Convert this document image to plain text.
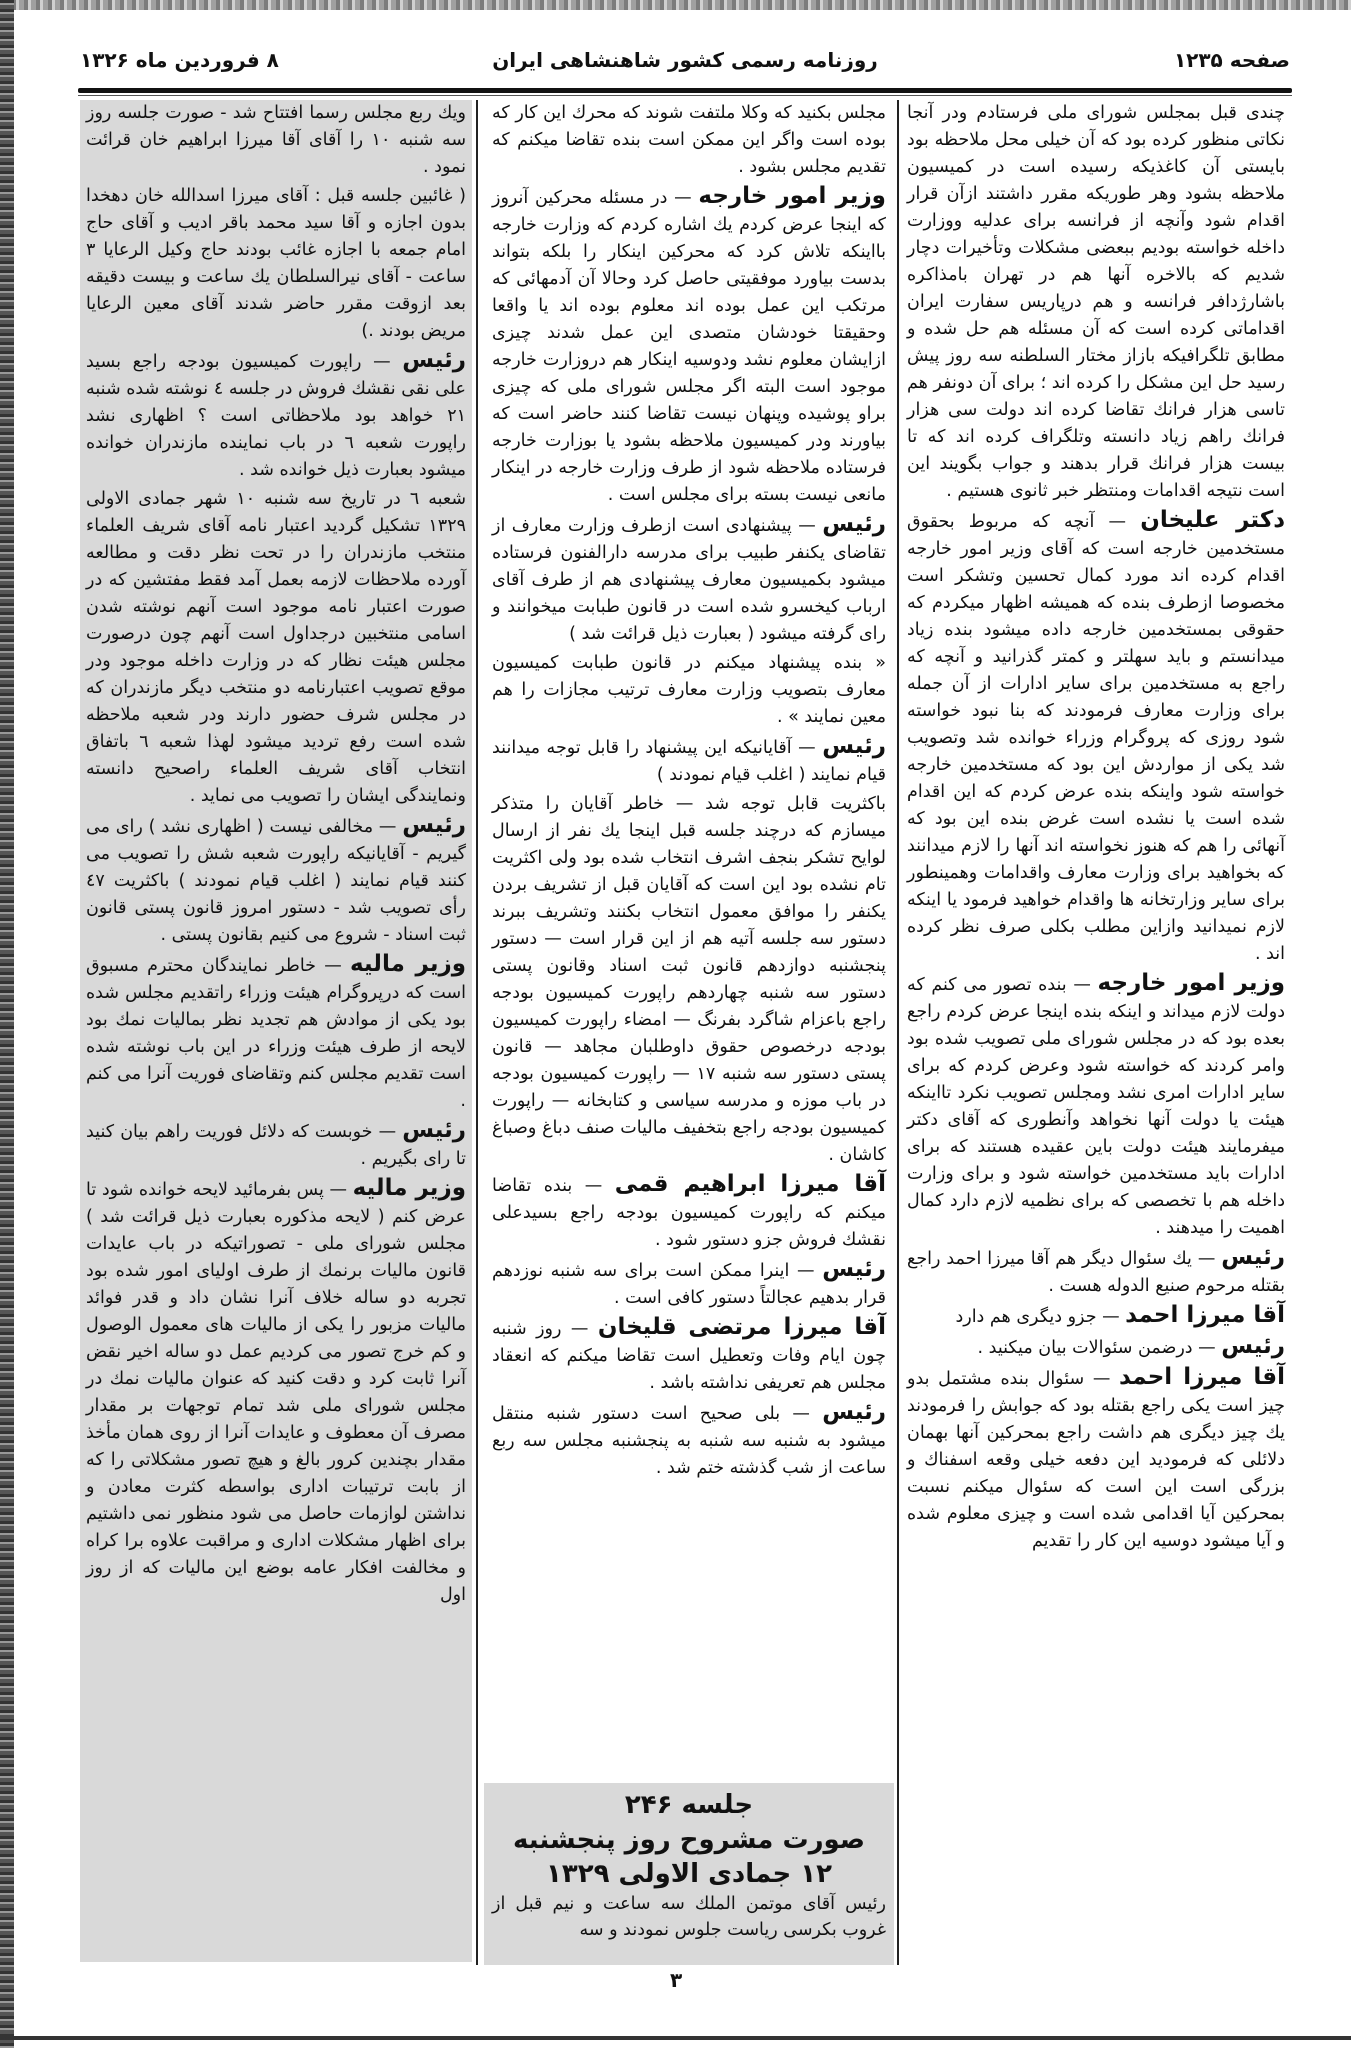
صفحه ۱۲۳۵
روزنامه رسمی کشور شاهنشاهی ایران
۸ فروردین ماه ۱۳۲۶

چندی قبل بمجلس شورای ملی فرستادم ودر آنجا نکاتی منظور کرده بود که آن خیلی محل ملاحظه بود بایستی آن کاغذیکه رسیده است در کمیسیون ملاحظه بشود وهر طوریکه مقرر داشتند ازآن قرار اقدام شود وآنچه از فرانسه برای عدلیه ووزارت داخله خواسته بودیم ببعضی مشکلات وتأخیرات دچار شدیم که بالاخره آنها هم در تهران بامذاکره باشارژدافر فرانسه و هم درپاریس سفارت ایران اقداماتی کرده است که آن مسئله هم حل شده و مطابق تلگرافیکه بازاز مختار السلطنه سه روز پیش رسید حل این مشکل را کرده اند ؛ برای آن دونفر هم تاسی هزار فرانك تقاضا کرده اند دولت سی هزار فرانك راهم زیاد دانسته وتلگراف کرده اند که تا بیست هزار فرانك قرار بدهند و جواب بگویند این است نتیجه اقدامات ومنتظر خبر ثانوی هستیم .

دکتر علیخان — آنچه که مربوط بحقوق مستخدمین خارجه است که آقای وزیر امور خارجه اقدام کرده اند مورد کمال تحسین وتشکر است مخصوصا ازطرف بنده که همیشه اظهار میکردم که حقوقی بمستخدمین خارجه داده میشود بنده زیاد میدانستم و باید سهلتر و کمتر گذرانید و آنچه که راجع به مستخدمین برای سایر ادارات از آن جمله برای وزارت معارف فرمودند که بنا نبود خواسته شود روزی که پروگرام وزراء خوانده شد وتصویب شد یکی از مواردش این بود که مستخدمین خارجه خواسته شود واینکه بنده عرض کردم که این اقدام شده است یا نشده است غرض بنده این بود که آنهائی را هم که هنوز نخواسته اند آنها را لازم میدانند که بخواهید برای وزارت معارف واقدامات وهمینطور برای سایر وزارتخانه ها واقدام خواهید فرمود یا اینکه لازم نمیدانید وازاین مطلب بکلی صرف نظر کرده اند .

وزیر امور خارجه — بنده تصور می کنم که دولت لازم میداند و اینکه بنده اینجا عرض کردم راجع بعده بود که در مجلس شورای ملی تصویب شده بود وامر کردند که خواسته شود وعرض کردم که برای سایر ادارات امری نشد ومجلس تصویب نکرد تااینکه هیئت یا دولت آنها نخواهد وآنطوری که آقای دکتر میفرمایند هیئت دولت باین عقیده هستند که برای ادارات باید مستخدمین خواسته شود و برای وزارت داخله هم با تخصصی که برای نظمیه لازم دارد کمال اهمیت را میدهند .

رئیس — یك سئوال دیگر هم آقا میرزا احمد راجع بقتله مرحوم صنیع الدوله هست .

آقا میرزا احمد — جزو دیگری هم دارد

رئیس — درضمن سئوالات بیان میکنید .

آقا میرزا احمد — سئوال بنده مشتمل بدو چیز است یکی راجع بقتله بود که جوابش را فرمودند یك چیز دیگری هم داشت راجع بمحرکین آنها بهمان دلائلی که فرمودید این دفعه خیلی وقعه اسفناك و بزرگی است این است که سئوال میکنم نسبت بمحرکین آیا اقدامی شده است و چیزی معلوم شده و آیا میشود دوسیه این کار را تقدیم

مجلس بکنید که وکلا ملتفت شوند که محرك این کار که بوده است واگر این ممکن است بنده تقاضا میکنم که تقدیم مجلس بشود .

وزیر امور خارجه — در مسئله محرکین آنروز که اینجا عرض کردم یك اشاره کردم که وزارت خارجه بااینکه تلاش کرد که محرکین اینکار را بلکه بتواند بدست بیاورد موفقیتی حاصل کرد وحالا آن آدمهائی که مرتکب این عمل بوده اند معلوم بوده اند یا واقعا وحقیقتا خودشان متصدی این عمل شدند چیزی ازایشان معلوم نشد ودوسیه اینکار هم دروزارت خارجه موجود است البته اگر مجلس شورای ملی که چیزی براو پوشیده وپنهان نیست تقاضا کنند حاضر است که بیاورند ودر کمیسیون ملاحظه بشود یا بوزارت خارجه فرستاده ملاحظه شود از طرف وزارت خارجه در اینکار مانعی نیست بسته برای مجلس است .

رئیس — پیشنهادی است ازطرف وزارت معارف از تقاضای یکنفر طبیب برای مدرسه دارالفنون فرستاده میشود بکمیسیون معارف پیشنهادی هم از طرف آقای ارباب کیخسرو شده است در قانون طبابت میخوانند و رای گرفته میشود ( بعبارت ذیل قرائت شد )

« بنده پیشنهاد میکنم در قانون طبابت کمیسیون معارف بتصویب وزارت معارف ترتیب مجازات را هم معین نمایند » .

رئیس — آقایانیکه این پیشنهاد را قابل توجه میدانند قیام نمایند ( اغلب قیام نمودند )

باکثریت قابل توجه شد — خاطر آقایان را متذکر میسازم که درچند جلسه قبل اینجا یك نفر از ارسال لوایح تشکر بنجف اشرف انتخاب شده بود ولی اکثریت تام نشده بود این است که آقایان قبل از تشریف بردن یکنفر را موافق معمول انتخاب بکنند وتشریف ببرند دستور سه جلسه آتیه هم از این قرار است — دستور پنجشنبه دوازدهم قانون ثبت اسناد وقانون پستی دستور سه شنبه چهاردهم راپورت کمیسیون بودجه راجع باعزام شاگرد بفرنگ — امضاء راپورت کمیسیون بودجه درخصوص حقوق داوطلبان مجاهد — قانون پستی دستور سه شنبه ۱۷ — راپورت کمیسیون بودجه در باب موزه و مدرسه سیاسی و کتابخانه — راپورت کمیسیون بودجه راجع بتخفیف مالیات صنف دباغ وصباغ کاشان .

آقا میرزا ابراهیم قمی — بنده تقاضا میکنم که راپورت کمیسیون بودجه راجع بسیدعلی نقشك فروش جزو دستور شود .

رئیس — اینرا ممکن است برای سه شنبه نوزدهم قرار بدهیم عجالتاً دستور کافی است .

آقا میرزا مرتضی قلیخان — روز شنبه چون ایام وفات وتعطیل است تقاضا میکنم که انعقاد مجلس هم تعریفی نداشته باشد .

رئیس — بلی صحیح است دستور شنبه منتقل میشود به شنبه سه شنبه به پنجشنبه مجلس سه ربع ساعت از شب گذشته ختم شد .

ویك ربع مجلس رسما افتتاح شد - صورت جلسه روز سه شنبه ۱۰ را آقای آقا میرزا ابراهیم خان قرائت نمود .

( غائبین جلسه قبل : آقای میرزا اسدالله خان دهخدا بدون اجازه و آقا سید محمد باقر ادیب و آقای حاج امام جمعه با اجازه غائب بودند حاج وکیل الرعایا ۳ ساعت - آقای نیرالسلطان یك ساعت و بیست دقیقه بعد ازوقت مقرر حاضر شدند آقای معین الرعایا مریض بودند .)

رئیس — راپورت کمیسیون بودجه راجع بسید علی نقی نقشك فروش در جلسه ٤ نوشته شده شنبه ۲۱ خواهد بود ملاحظاتی است ؟ اظهاری نشد راپورت شعبه ٦ در باب نماینده مازندران خوانده میشود بعبارت ذیل خوانده شد .

شعبه ٦ در تاریخ سه شنبه ۱۰ شهر جمادی الاولی ۱۳۲۹ تشکیل گردید اعتبار نامه آقای شریف العلماء منتخب مازندران را در تحت نظر دقت و مطالعه آورده ملاحظات لازمه بعمل آمد فقط مفتشین که در صورت اعتبار نامه موجود است آنهم نوشته شدن اسامی منتخبین درجداول است آنهم چون درصورت مجلس هیئت نظار که در وزارت داخله موجود ودر موقع تصویب اعتبارنامه دو منتخب دیگر مازندران که در مجلس شرف حضور دارند ودر شعبه ملاحظه شده است رفع تردید میشود لهذا شعبه ٦ باتفاق انتخاب آقای شریف العلماء راصحیح دانسته ونمایندگی ایشان را تصویب می نماید .

رئیس — مخالفی نیست ( اظهاری نشد ) رای می گیریم - آقایانیکه راپورت شعبه شش را تصویب می کنند قیام نمایند ( اغلب قیام نمودند ) باکثریت ٤۷ رأی تصویب شد - دستور امروز قانون پستی قانون ثبت اسناد - شروع می کنیم بقانون پستی .

وزیر مالیه — خاطر نمایندگان محترم مسبوق است که درپروگرام هیئت وزراء راتقدیم مجلس شده بود یکی از موادش هم تجدید نظر بمالیات نمك بود لایحه از طرف هیئت وزراء در این باب نوشته شده است تقدیم مجلس کنم وتقاضای فوریت آنرا می کنم .

رئیس — خوبست که دلائل فوریت راهم بیان کنید تا رای بگیریم .

وزیر مالیه — پس بفرمائید لایحه خوانده شود تا عرض کنم ( لایحه مذکوره بعبارت ذیل قرائت شد ) مجلس شورای ملی - تصوراتیکه در باب عایدات قانون مالیات برنمك از طرف اولیای امور شده بود تجربه دو ساله خلاف آنرا نشان داد و قدر فوائد مالیات مزبور را یکی از مالیات های معمول الوصول و کم خرج تصور می کردیم عمل دو ساله اخیر نقض آنرا ثابت کرد و دقت کنید که عنوان مالیات نمك در مجلس شورای ملی شد تمام توجهات بر مقدار مصرف آن معطوف و عایدات آنرا از روی همان مأخذ مقدار بچندین کرور بالغ و هیچ تصور مشکلاتی را که از بابت ترتیبات اداری بواسطه کثرت معادن و نداشتن لوازمات حاصل می شود منظور نمی داشتیم برای اظهار مشکلات اداری و مراقبت علاوه برا کراه و مخالفت افکار عامه بوضع این مالیات که از روز اول

جلسه ۲۴۶
صورت مشروح روز پنجشنبه
۱۲ جمادی الاولی ۱۳۲۹
رئیس آقای موتمن الملك سه ساعت و نیم قبل از غروب بکرسی ریاست جلوس نمودند و سه
۳
